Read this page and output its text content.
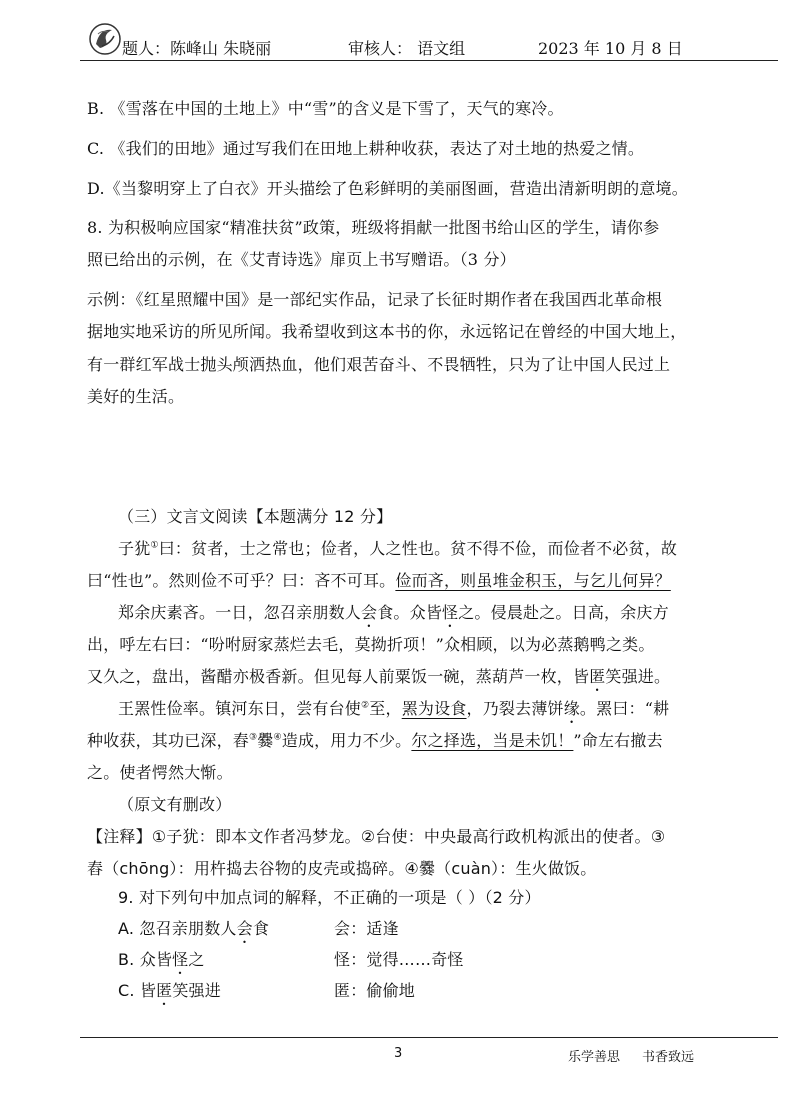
题人：陈峰山 朱晓丽	审核人： 语文组	2023 年 10 月 8 日
B. 《雪落在中国的土地上》中“雪”的含义是下雪了，天气的寒冷。
C. 《我们的田地》通过写我们在田地上耕种收获，表达了对土地的热爱之情。
D.《当黎明穿上了白衣》开头描绘了色彩鲜明的美丽图画，营造出清新明朗的意境。
8. 为积极响应国家“精准扶贫”政策，班级将捐献一批图书给山区的学生，请你参
照已给出的示例，在《艾青诗选》扉页上书写赠语。（3 分）
示例：《红星照耀中国》是一部纪实作品，记录了长征时期作者在我国西北革命根
据地实地采访的所见所闻。我希望收到这本书的你，永远铭记在曾经的中国大地上，
有一群红军战士抛头颅洒热血，他们艰苦奋斗、不畏牺牲，只为了让中国人民过上
美好的生活。
（三）文言文阅读【本题满分 12 分】
子犹①曰：贫者，士之常也；俭者，人之性也。贫不得不俭，而俭者不必贫，故
曰“性也”。然则俭不可乎？曰：吝不可耳。俭而吝，则虽堆金积玉，与乞儿何异？
郑余庆素吝。一日，忽召亲朋数人会食。众皆怪之。侵晨赴之。日高，余庆方
出，呼左右曰：“吩咐厨家蒸烂去毛，莫拗折项！”众相顾，以为必蒸鹅鸭之类。
又久之，盘出，酱醋亦极香新。但见每人前粟饭一碗，蒸葫芦一枚，皆匿笑强进。
王罴性俭率。镇河东日，尝有台使②至，罴为设食，乃裂去薄饼缘。罴曰：“耕
种收获，其功已深，舂③爨④造成，用力不少。尔之择选，当是未饥！”命左右撤去
之。使者愕然大惭。
（原文有删改）
【注释】①子犹：即本文作者冯梦龙。②台使：中央最高行政机构派出的使者。③
舂（chōng）：用杵捣去谷物的皮壳或捣碎。④爨（cuàn）：生火做饭。
9. 对下列句中加点词的解释，不正确的一项是（ ）（2 分）
A. 忽召亲朋数人会食	会：适逢
B. 众皆怪之	怪：觉得……奇怪
C. 皆匿笑强进	匿：偷偷地
3	乐学善思 书香致远
